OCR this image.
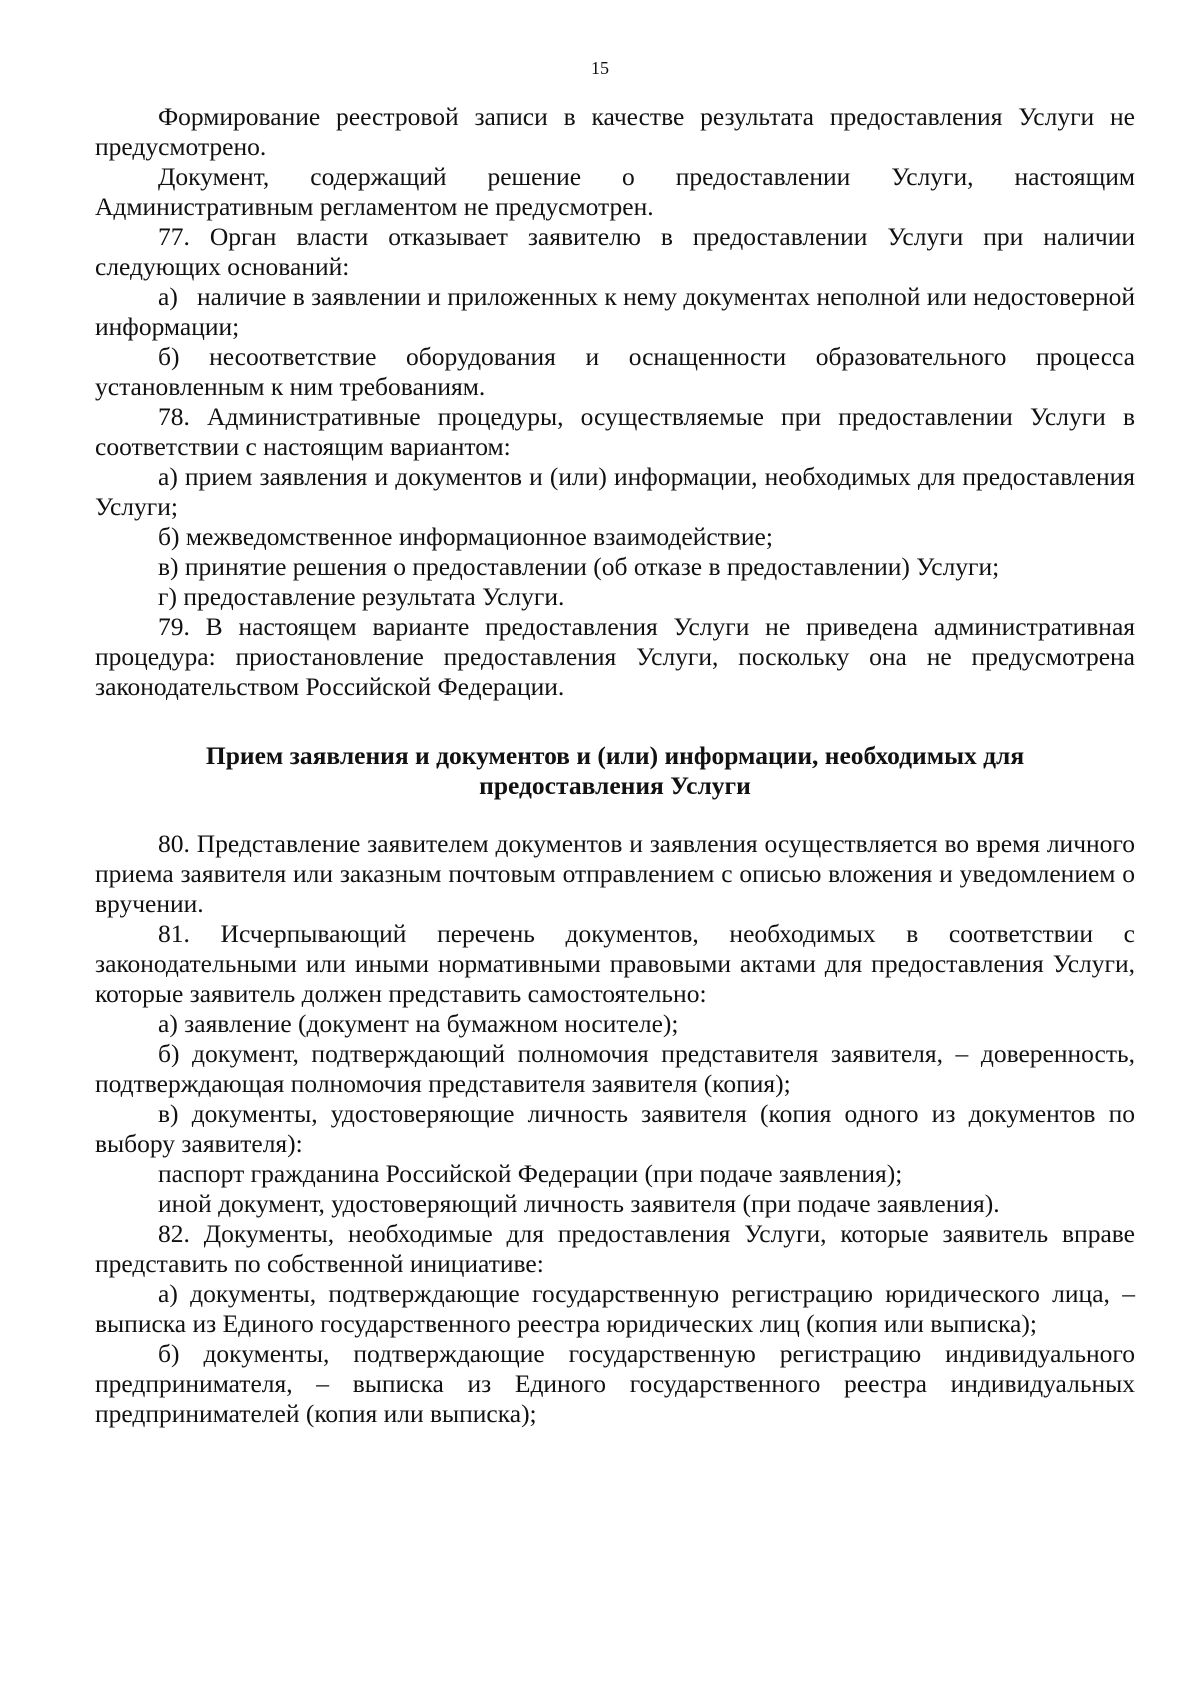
15

Формирование реестровой записи в качестве результата предоставления Услуги не предусмотрено.

Документ, содержащий решение о предоставлении Услуги, настоящим Административным регламентом не предусмотрен.

77. Орган власти отказывает заявителю в предоставлении Услуги при наличии следующих оснований:

а)   наличие в заявлении и приложенных к нему документах неполной или недостоверной информации;

б) несоответствие оборудования и оснащенности образовательного процесса установленным к ним требованиям.

78. Административные процедуры, осуществляемые при предоставлении Услуги в соответствии с настоящим вариантом:

а) прием заявления и документов и (или) информации, необходимых для предоставления Услуги;

б) межведомственное информационное взаимодействие;

в) принятие решения о предоставлении (об отказе в предоставлении) Услуги;

г) предоставление результата Услуги.

79. В настоящем варианте предоставления Услуги не приведена административная процедура: приостановление предоставления Услуги, поскольку она не предусмотрена законодательством Российской Федерации.

Прием заявления и документов и (или) информации, необходимых для
предоставления Услуги

80. Представление заявителем документов и заявления осуществляется во время личного приема заявителя или заказным почтовым отправлением с описью вложения и уведомлением о вручении.

81. Исчерпывающий перечень документов, необходимых в соответствии с законодательными или иными нормативными правовыми актами для предоставления Услуги, которые заявитель должен представить самостоятельно:

а) заявление (документ на бумажном носителе);

б) документ, подтверждающий полномочия представителя заявителя, – доверенность, подтверждающая полномочия представителя заявителя (копия);

в) документы, удостоверяющие личность заявителя (копия одного из документов по выбору заявителя):

паспорт гражданина Российской Федерации (при подаче заявления);

иной документ, удостоверяющий личность заявителя (при подаче заявления).

82. Документы, необходимые для предоставления Услуги, которые заявитель вправе представить по собственной инициативе:

а) документы, подтверждающие государственную регистрацию юридического лица, – выписка из Единого государственного реестра юридических лиц (копия или выписка);

б) документы, подтверждающие государственную регистрацию индивидуального предпринимателя, – выписка из Единого государственного реестра индивидуальных предпринимателей (копия или выписка);
